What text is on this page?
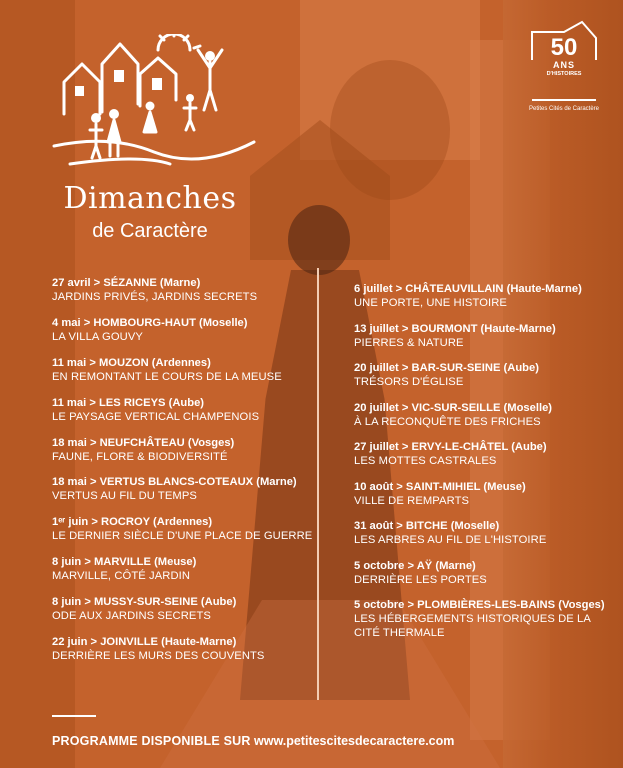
Dimanches
de Caractère
50
ANS
D'HISTOIRES
Petites Cités de Caractère
27 avril > SÉZANNE (Marne)
JARDINS PRIVÉS, JARDINS SECRETS
4 mai > HOMBOURG-HAUT (Moselle)
LA VILLA GOUVY
11 mai > MOUZON (Ardennes)
EN REMONTANT LE COURS DE LA MEUSE
11 mai > LES RICEYS (Aube)
LE PAYSAGE VERTICAL CHAMPENOIS
18 mai > NEUFCHÂTEAU (Vosges)
FAUNE, FLORE & BIODIVERSITÉ
18 mai > VERTUS BLANCS-COTEAUX (Marne)
VERTUS AU FIL DU TEMPS
1ᵉʳ juin > ROCROY (Ardennes)
LE DERNIER SIÈCLE D'UNE PLACE DE GUERRE
8 juin > MARVILLE (Meuse)
MARVILLE, CÔTÉ JARDIN
8 juin > MUSSY-SUR-SEINE (Aube)
ODE AUX JARDINS SECRETS
22 juin > JOINVILLE (Haute-Marne)
DERRIÈRE LES MURS DES COUVENTS
6 juillet > CHÂTEAUVILLAIN (Haute-Marne)
UNE PORTE, UNE HISTOIRE
13 juillet > BOURMONT (Haute-Marne)
PIERRES & NATURE
20 juillet > BAR-SUR-SEINE (Aube)
TRÉSORS D'ÉGLISE
20 juillet > VIC-SUR-SEILLE (Moselle)
À LA RECONQUÊTE DES FRICHES
27 juillet > ERVY-LE-CHÂTEL (Aube)
LES MOTTES CASTRALES
10 août > SAINT-MIHIEL (Meuse)
VILLE DE REMPARTS
31 août > BITCHE (Moselle)
LES ARBRES AU FIL DE L'HISTOIRE
5 octobre > AŸ (Marne)
DERRIÈRE LES PORTES
5 octobre > PLOMBIÈRES-LES-BAINS (Vosges)
LES HÉBERGEMENTS HISTORIQUES DE LA CITÉ THERMALE
PROGRAMME DISPONIBLE SUR www.petitescitesdecaractere.com
